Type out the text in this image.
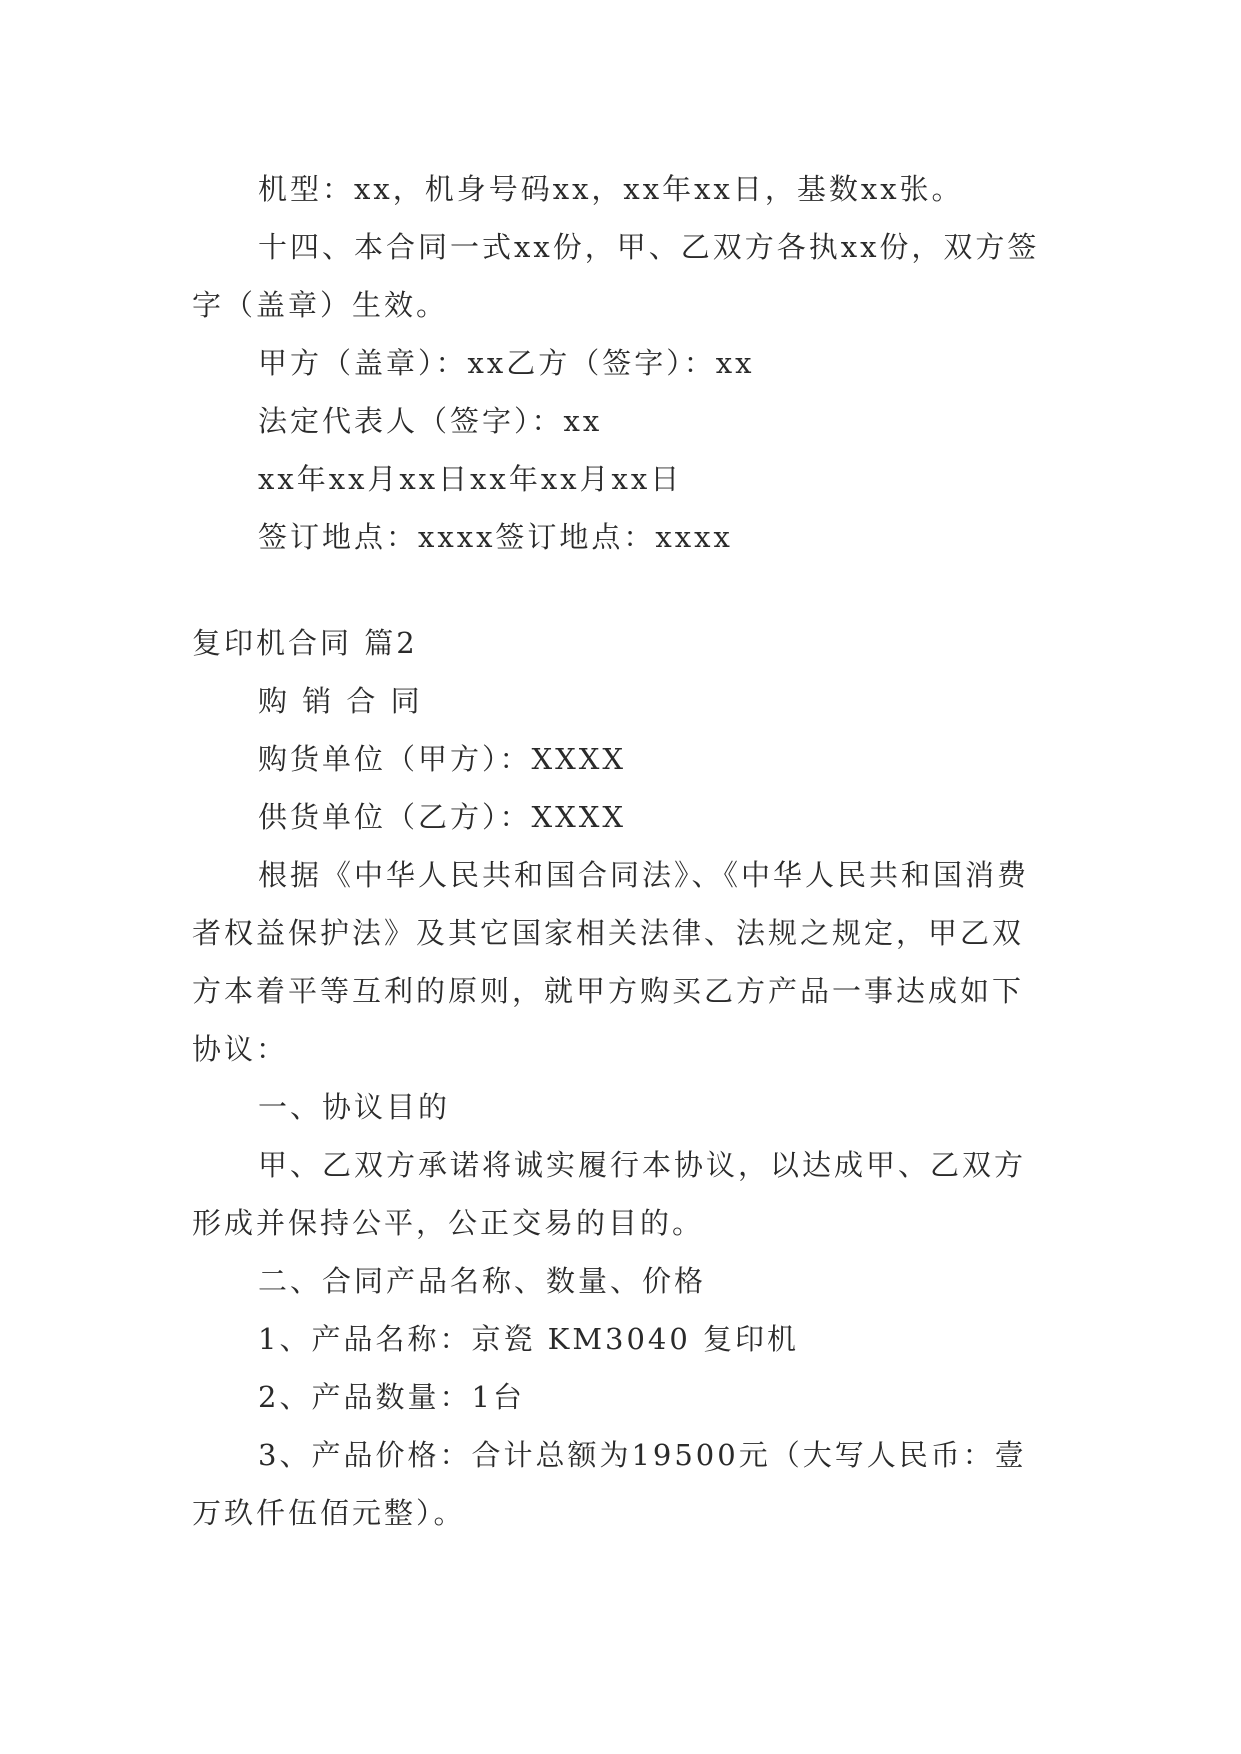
机型：xx，机身号码xx，xx年xx日，基数xx张。

十四、本合同一式xx份，甲、乙双方各执xx份，双方签字（盖章）生效。

甲方（盖章）：xx乙方（签字）：xx

法定代表人（签字）：xx

xx年xx月xx日xx年xx月xx日

签订地点：xxxx签订地点：xxxx

复印机合同 篇2

购 销 合 同

购货单位（甲方）：XXXX

供货单位（乙方）：XXXX

根据《中华人民共和国合同法》、《中华人民共和国消费者权益保护法》及其它国家相关法律、法规之规定，甲乙双方本着平等互利的原则，就甲方购买乙方产品一事达成如下协议：

一、协议目的

甲、乙双方承诺将诚实履行本协议，以达成甲、乙双方形成并保持公平，公正交易的目的。

二、合同产品名称、数量、价格

1、产品名称：京瓷 KM3040 复印机

2、产品数量：1台

3、产品价格：合计总额为19500元（大写人民币：壹万玖仟伍佰元整）。
